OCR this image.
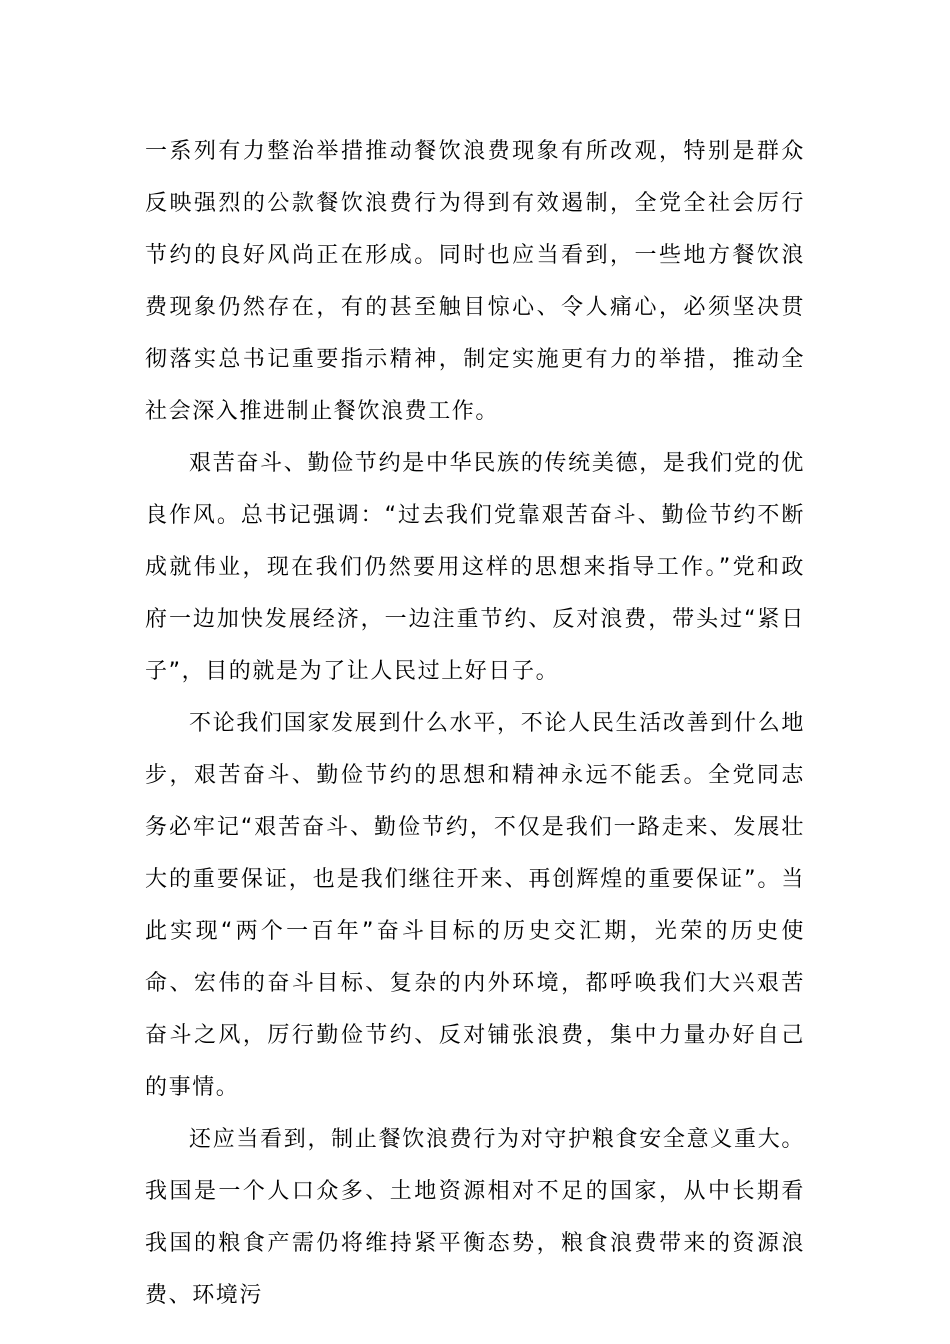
一系列有力整治举措推动餐饮浪费现象有所改观，特别是群众反映强烈的公款餐饮浪费行为得到有效遏制，全党全社会厉行节约的良好风尚正在形成。同时也应当看到，一些地方餐饮浪费现象仍然存在，有的甚至触目惊心、令人痛心，必须坚决贯彻落实总书记重要指示精神，制定实施更有力的举措，推动全社会深入推进制止餐饮浪费工作。

艰苦奋斗、勤俭节约是中华民族的传统美德，是我们党的优良作风。总书记强调：“过去我们党靠艰苦奋斗、勤俭节约不断成就伟业，现在我们仍然要用这样的思想来指导工作。”党和政府一边加快发展经济，一边注重节约、反对浪费，带头过“紧日子”，目的就是为了让人民过上好日子。

不论我们国家发展到什么水平，不论人民生活改善到什么地步，艰苦奋斗、勤俭节约的思想和精神永远不能丢。全党同志务必牢记“艰苦奋斗、勤俭节约，不仅是我们一路走来、发展壮大的重要保证，也是我们继往开来、再创辉煌的重要保证”。当此实现“两个一百年”奋斗目标的历史交汇期，光荣的历史使命、宏伟的奋斗目标、复杂的内外环境，都呼唤我们大兴艰苦奋斗之风，厉行勤俭节约、反对铺张浪费，集中力量办好自己的事情。

还应当看到，制止餐饮浪费行为对守护粮食安全意义重大。我国是一个人口众多、土地资源相对不足的国家，从中长期看我国的粮食产需仍将维持紧平衡态势，粮食浪费带来的资源浪费、环境污
